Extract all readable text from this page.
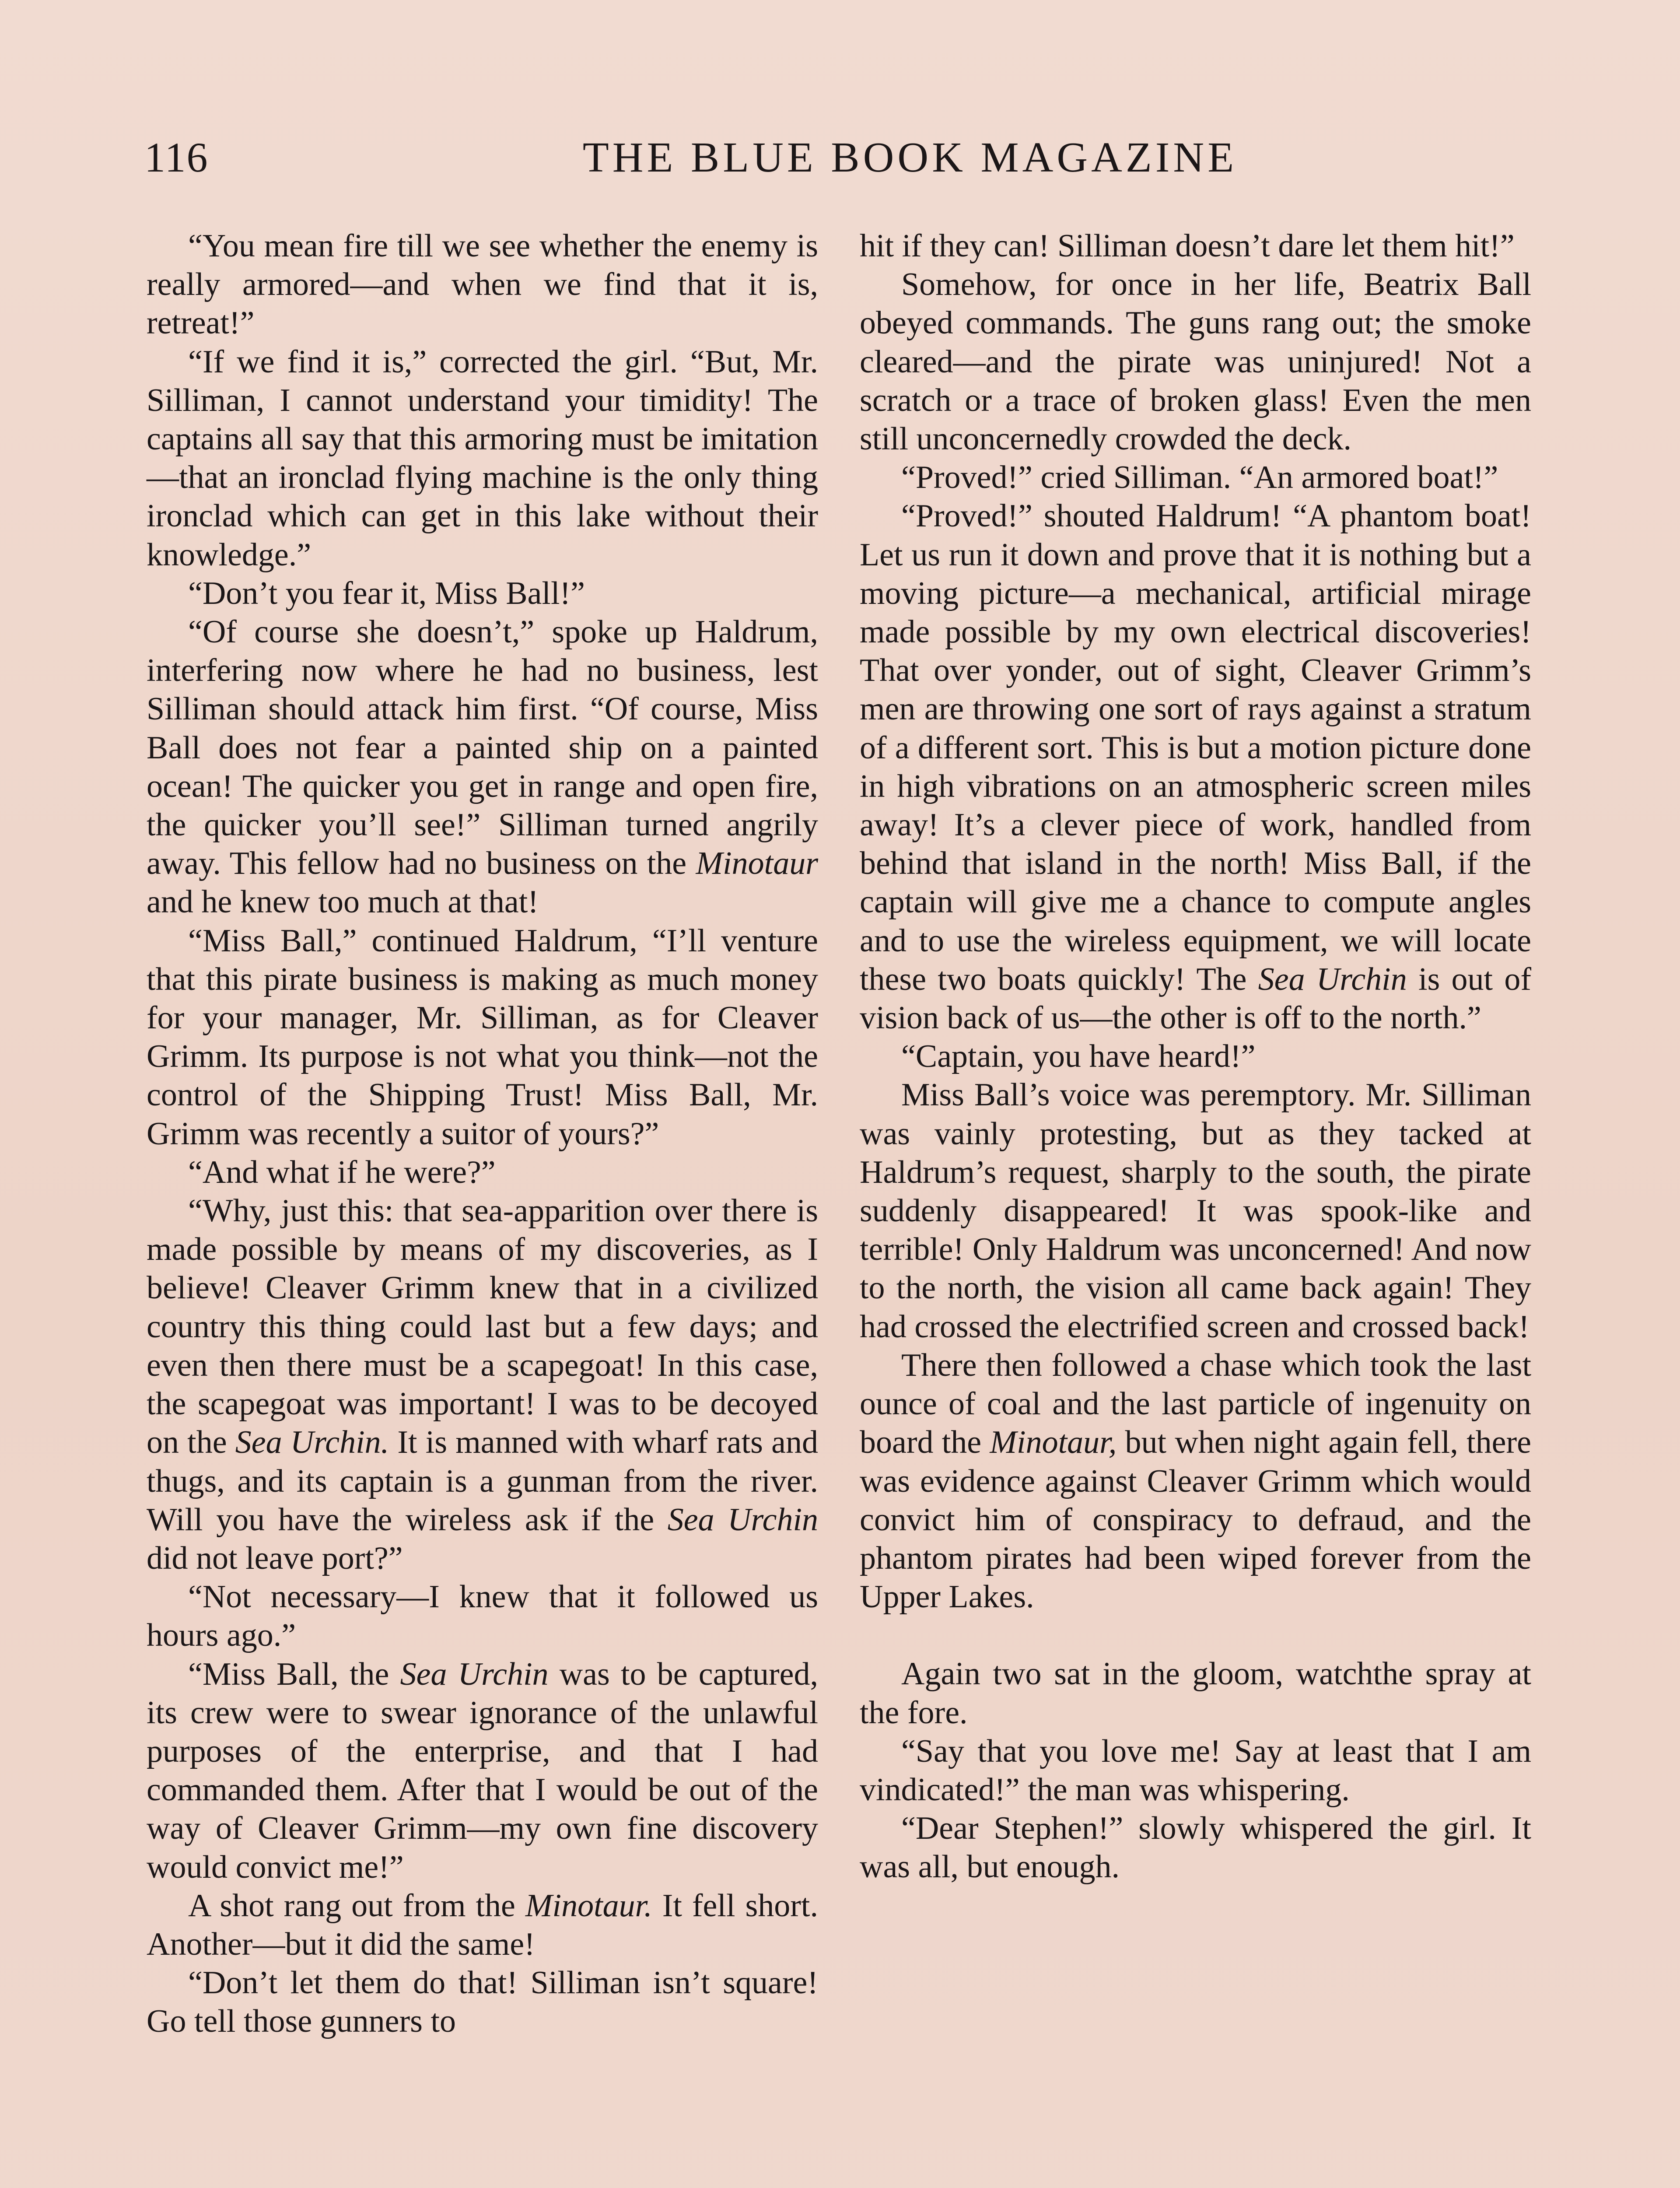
116	THE BLUE BOOK MAGAZINE

“You mean fire till we see whether the enemy is really armored—and when we find that it is, retreat!”

“If we find it is,” corrected the girl. “But, Mr. Silliman, I cannot understand your timidity! The captains all say that this armoring must be imitation—that an ironclad flying machine is the only thing ironclad which can get in this lake without their knowledge.”

“Don’t you fear it, Miss Ball!”

“Of course she doesn’t,” spoke up Haldrum, interfering now where he had no business, lest Silliman should attack him first. “Of course, Miss Ball does not fear a painted ship on a painted ocean! The quicker you get in range and open fire, the quicker you’ll see!” Silliman turned angrily away. This fellow had no business on the Minotaur and he knew too much at that!

“Miss Ball,” continued Haldrum, “I’ll venture that this pirate business is making as much money for your manager, Mr. Silliman, as for Cleaver Grimm. Its purpose is not what you think—not the control of the Shipping Trust! Miss Ball, Mr. Grimm was recently a suitor of yours?”

“And what if he were?”

“Why, just this: that sea-apparition over there is made possible by means of my discoveries, as I believe! Cleaver Grimm knew that in a civilized country this thing could last but a few days; and even then there must be a scapegoat! In this case, the scapegoat was important! I was to be decoyed on the Sea Urchin. It is manned with wharf rats and thugs, and its captain is a gunman from the river. Will you have the wireless ask if the Sea Urchin did not leave port?”

“Not necessary—I knew that it followed us hours ago.”

“Miss Ball, the Sea Urchin was to be captured, its crew were to swear ignorance of the unlawful purposes of the enterprise, and that I had commanded them. After that I would be out of the way of Cleaver Grimm—my own fine discovery would convict me!”

A shot rang out from the Minotaur. It fell short. Another—but it did the same!

“Don’t let them do that! Silliman isn’t square! Go tell those gunners to

hit if they can! Silliman doesn’t dare let them hit!”

Somehow, for once in her life, Beatrix Ball obeyed commands. The guns rang out; the smoke cleared—and the pirate was uninjured! Not a scratch or a trace of broken glass! Even the men still unconcernedly crowded the deck.

“Proved!” cried Silliman. “An armored boat!”

“Proved!” shouted Haldrum! “A phantom boat! Let us run it down and prove that it is nothing but a moving picture—a mechanical, artificial mirage made possible by my own electrical discoveries! That over yonder, out of sight, Cleaver Grimm’s men are throwing one sort of rays against a stratum of a different sort. This is but a motion picture done in high vibrations on an atmospheric screen miles away! It’s a clever piece of work, handled from behind that island in the north! Miss Ball, if the captain will give me a chance to compute angles and to use the wireless equipment, we will locate these two boats quickly! The Sea Urchin is out of vision back of us—the other is off to the north.”

“Captain, you have heard!”

Miss Ball’s voice was peremptory. Mr. Silliman was vainly protesting, but as they tacked at Haldrum’s request, sharply to the south, the pirate suddenly disappeared! It was spook-like and terrible! Only Haldrum was unconcerned! And now to the north, the vision all came back again! They had crossed the electrified screen and crossed back!

There then followed a chase which took the last ounce of coal and the last particle of ingenuity on board the Minotaur, but when night again fell, there was evidence against Cleaver Grimm which would convict him of conspiracy to defraud, and the phantom pirates had been wiped forever from the Upper Lakes.

Again two sat in the gloom, watchthe spray at the fore.

“Say that you love me! Say at least that I am vindicated!” the man was whispering.

“Dear Stephen!” slowly whispered the girl. It was all, but enough.
